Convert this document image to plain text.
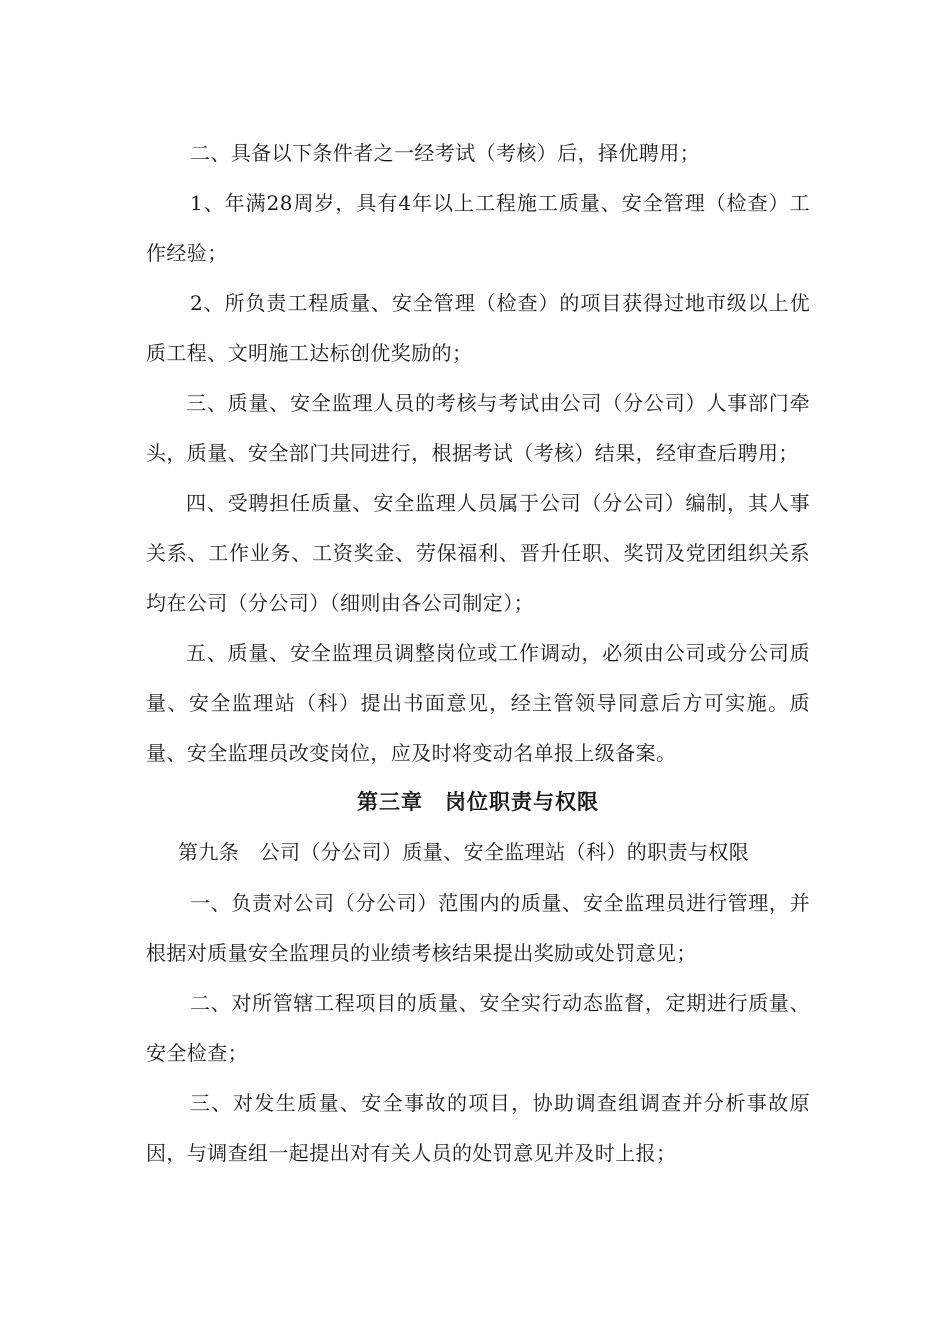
二、具备以下条件者之一经考试（考核）后，择优聘用；

1、年满28周岁，具有4年以上工程施工质量、安全管理（检查）工作经验；

2、所负责工程质量、安全管理（检查）的项目获得过地市级以上优质工程、文明施工达标创优奖励的；

三、质量、安全监理人员的考核与考试由公司（分公司）人事部门牵头，质量、安全部门共同进行，根据考试（考核）结果，经审查后聘用；

四、受聘担任质量、安全监理人员属于公司（分公司）编制，其人事关系、工作业务、工资奖金、劳保福利、晋升任职、奖罚及党团组织关系均在公司（分公司）（细则由各公司制定）；

五、质量、安全监理员调整岗位或工作调动，必须由公司或分公司质量、安全监理站（科）提出书面意见，经主管领导同意后方可实施。质量、安全监理员改变岗位，应及时将变动名单报上级备案。

第三章　岗位职责与权限

第九条　公司（分公司）质量、安全监理站（科）的职责与权限

一、负责对公司（分公司）范围内的质量、安全监理员进行管理，并根据对质量安全监理员的业绩考核结果提出奖励或处罚意见；

二、对所管辖工程项目的质量、安全实行动态监督，定期进行质量、安全检查；

三、对发生质量、安全事故的项目，协助调查组调查并分析事故原因，与调查组一起提出对有关人员的处罚意见并及时上报；
